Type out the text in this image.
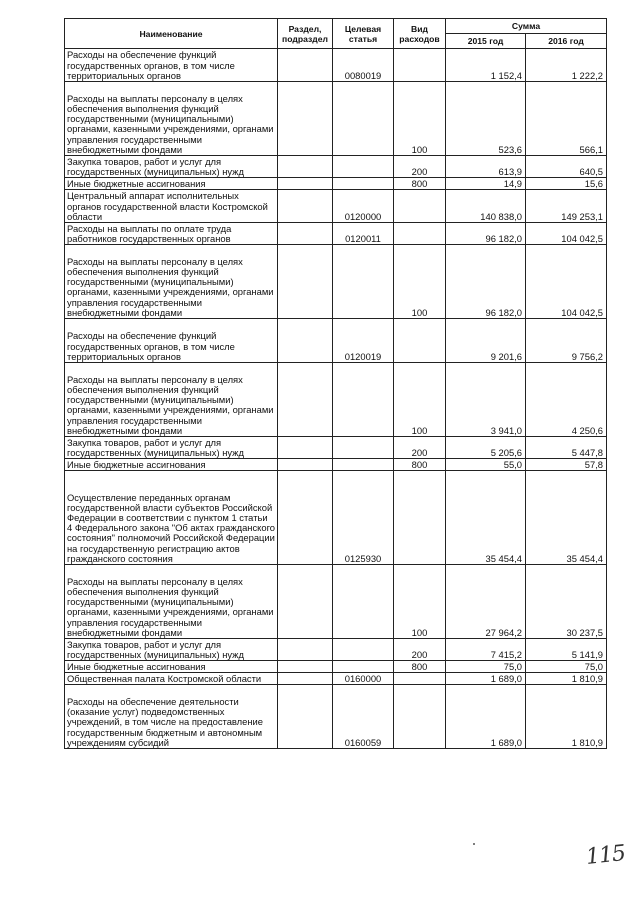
Наименование	Раздел, подраздел	Целевая статья	Вид расходов	Сумма	
				2015 год	2016 год
Расходы на обеспечение функций государственных органов, в том числе территориальных органов		0080019		1 152,4	1 222,2
Расходы на выплаты персоналу в целях обеспечения выполнения функций государственными (муниципальными) органами, казенными учреждениями, органами управления государственными внебюджетными фондами			100	523,6	566,1
Закупка товаров, работ и услуг для государственных (муниципальных) нужд			200	613,9	640,5
Иные бюджетные ассигнования			800	14,9	15,6
Центральный аппарат исполнительных органов государственной власти Костромской области		0120000		140 838,0	149 253,1
Расходы на выплаты по оплате труда работников государственных органов		0120011		96 182,0	104 042,5
Расходы на выплаты персоналу в целях обеспечения выполнения функций государственными (муниципальными) органами, казенными учреждениями, органами управления государственными внебюджетными фондами			100	96 182,0	104 042,5
Расходы на обеспечение функций государственных органов, в том числе территориальных органов		0120019		9 201,6	9 756,2
Расходы на выплаты персоналу в целях обеспечения выполнения функций государственными (муниципальными) органами, казенными учреждениями, органами управления государственными внебюджетными фондами			100	3 941,0	4 250,6
Закупка товаров, работ и услуг для государственных (муниципальных) нужд			200	5 205,6	5 447,8
Иные бюджетные ассигнования			800	55,0	57,8
Осуществление переданных органам государственной власти субъектов Российской Федерации в соответствии с пунктом 1 статьи 4 Федерального закона "Об актах гражданского состояния" полномочий Российской Федерации на государственную регистрацию актов гражданского состояния		0125930		35 454,4	35 454,4
Расходы на выплаты персоналу в целях обеспечения выполнения функций государственными (муниципальными) органами, казенными учреждениями, органами управления государственными внебюджетными фондами			100	27 964,2	30 237,5
Закупка товаров, работ и услуг для государственных (муниципальных) нужд			200	7 415,2	5 141,9
Иные бюджетные ассигнования			800	75,0	75,0
Общественная палата Костромской области		0160000		1 689,0	1 810,9
Расходы на обеспечение деятельности (оказание услуг) подведомственных учреждений, в том числе на предоставление государственным бюджетным и автономным учреждениям субсидий		0160059		1 689,0	1 810,9
115
